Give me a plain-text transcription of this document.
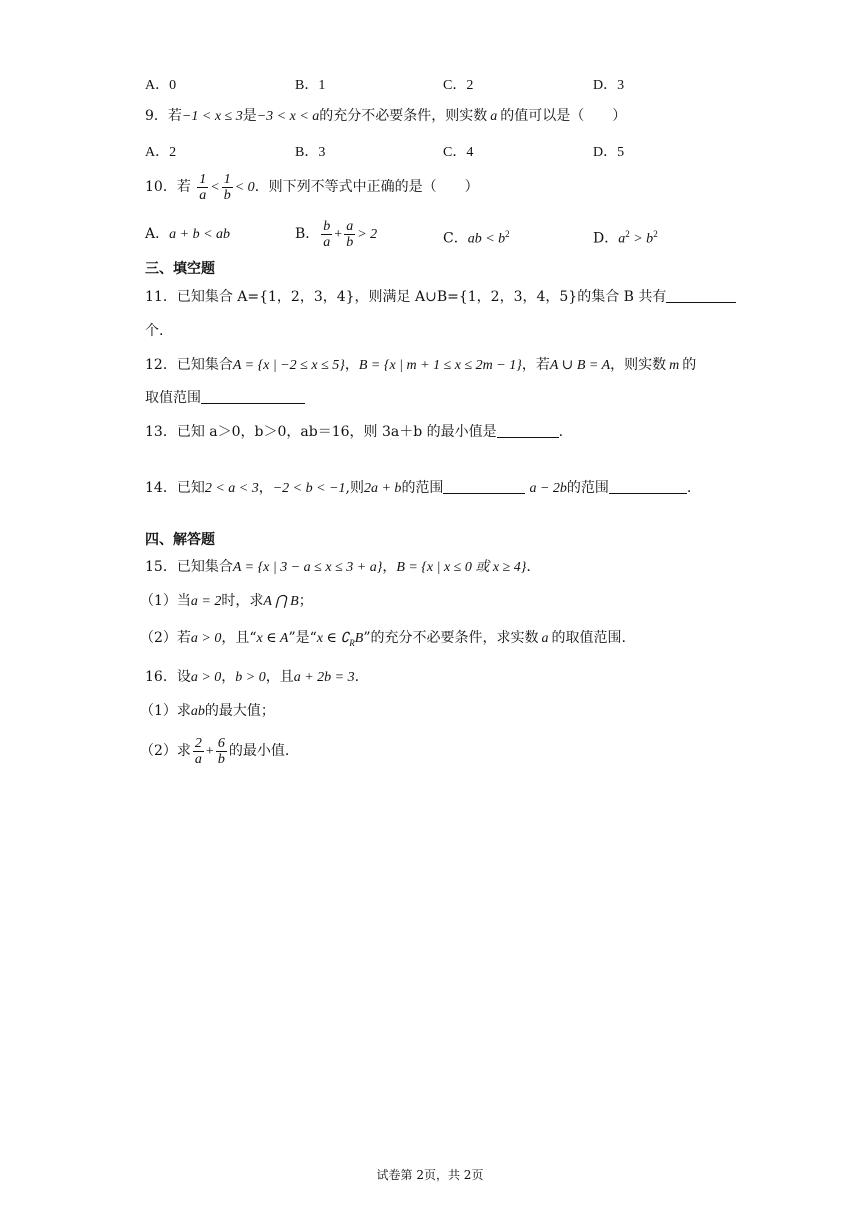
A．0	B．1	C．2	D．3
9．若−1 < x ≤ 3是−3 < x < a的充分不必要条件，则实数 a 的值可以是（　　）
A．2	B．3	C．4	D．5
10．若 $\frac{1}{a} < \frac{1}{b} < 0$．则下列不等式中正确的是（　　）
A．a + b < ab	B． $\frac{b}{a} + \frac{a}{b} > 2$	C．ab < $b^2$	D．$a^2 > b^2$
三、填空题
11．已知集合 A={1，2，3，4}，则满足 A∪B={1，2，3，4，5}的集合 B 共有
个.
12．已知集合A = {x | −2 ≤ x ≤ 5}，B = {x | m + 1 ≤ x ≤ 2m − 1}，若A ∪ B = A，则实数 m 的
取值范围
13．已知 a＞0，b＞0，ab＝16，则 3a＋b 的最小值是	.
14．已知2 < a < 3，−2 < b < −1,则2a + b的范围	a − 2b的范围	.
四、解答题
15．已知集合A = {x | 3 − a ≤ x ≤ 3 + a}，B = {x | x ≤ 0 或 x ≥ 4}.
（1）当a = 2时，求A ⋂ B；
（2）若a > 0，且“x ∈ A”是“x ∈ $∁_RB$”的充分不必要条件，求实数 a 的取值范围.
16．设a > 0，b > 0，且a + 2b = 3.
（1）求ab的最大值；
（2）求 $\frac{2}{a} + \frac{6}{b}$ 的最小值.
试卷第 2页，共 2页
